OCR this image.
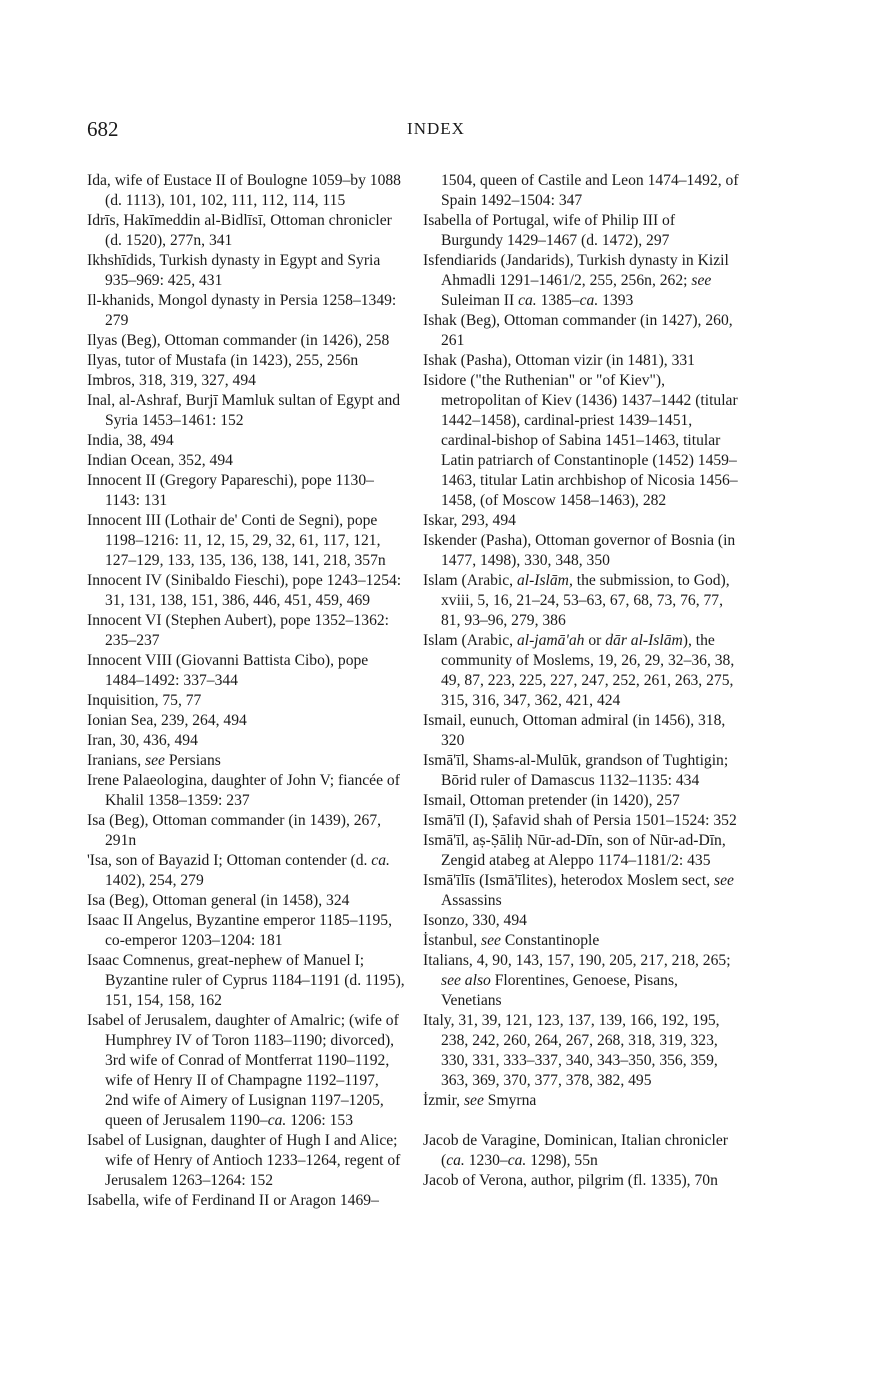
682	INDEX
Ida, wife of Eustace II of Boulogne 1059–by 1088 (d. 1113), 101, 102, 111, 112, 114, 115
Idrīs, Hakīmeddin al-Bidlīsī, Ottoman chronicler (d. 1520), 277n, 341
Ikhshīdids, Turkish dynasty in Egypt and Syria 935–969: 425, 431
Il-khanids, Mongol dynasty in Persia 1258–1349: 279
Ilyas (Beg), Ottoman commander (in 1426), 258
Ilyas, tutor of Mustafa (in 1423), 255, 256n
Imbros, 318, 319, 327, 494
Inal, al-Ashraf, Burjī Mamluk sultan of Egypt and Syria 1453–1461: 152
India, 38, 494
Indian Ocean, 352, 494
Innocent II (Gregory Papareschi), pope 1130–1143: 131
Innocent III (Lothair de' Conti de Segni), pope 1198–1216: 11, 12, 15, 29, 32, 61, 117, 121, 127–129, 133, 135, 136, 138, 141, 218, 357n
Innocent IV (Sinibaldo Fieschi), pope 1243–1254: 31, 131, 138, 151, 386, 446, 451, 459, 469
Innocent VI (Stephen Aubert), pope 1352–1362: 235–237
Innocent VIII (Giovanni Battista Cibo), pope 1484–1492: 337–344
Inquisition, 75, 77
Ionian Sea, 239, 264, 494
Iran, 30, 436, 494
Iranians, see Persians
Irene Palaeologina, daughter of John V; fiancée of Khalil 1358–1359: 237
Isa (Beg), Ottoman commander (in 1439), 267, 291n
'Isa, son of Bayazid I; Ottoman contender (d. ca. 1402), 254, 279
Isa (Beg), Ottoman general (in 1458), 324
Isaac II Angelus, Byzantine emperor 1185–1195, co-emperor 1203–1204: 181
Isaac Comnenus, great-nephew of Manuel I; Byzantine ruler of Cyprus 1184–1191 (d. 1195), 151, 154, 158, 162
Isabel of Jerusalem, daughter of Amalric; (wife of Humphrey IV of Toron 1183–1190; divorced), 3rd wife of Conrad of Montferrat 1190–1192, wife of Henry II of Champagne 1192–1197, 2nd wife of Aimery of Lusignan 1197–1205, queen of Jerusalem 1190–ca. 1206: 153
Isabel of Lusignan, daughter of Hugh I and Alice; wife of Henry of Antioch 1233–1264, regent of Jerusalem 1263–1264: 152
Isabella, wife of Ferdinand II or Aragon 1469–
1504, queen of Castile and Leon 1474–1492, of Spain 1492–1504: 347
Isabella of Portugal, wife of Philip III of Burgundy 1429–1467 (d. 1472), 297
Isfendiarids (Jandarids), Turkish dynasty in Kizil Ahmadli 1291–1461/2, 255, 256n, 262; see Suleiman II ca. 1385–ca. 1393
Ishak (Beg), Ottoman commander (in 1427), 260, 261
Ishak (Pasha), Ottoman vizir (in 1481), 331
Isidore ("the Ruthenian" or "of Kiev"), metropolitan of Kiev (1436) 1437–1442 (titular 1442–1458), cardinal-priest 1439–1451, cardinal-bishop of Sabina 1451–1463, titular Latin patriarch of Constantinople (1452) 1459–1463, titular Latin archbishop of Nicosia 1456–1458, (of Moscow 1458–1463), 282
Iskar, 293, 494
Iskender (Pasha), Ottoman governor of Bosnia (in 1477, 1498), 330, 348, 350
Islam (Arabic, al-Islām, the submission, to God), xviii, 5, 16, 21–24, 53–63, 67, 68, 73, 76, 77, 81, 93–96, 279, 386
Islam (Arabic, al-jamā'ah or dār al-Islām), the community of Moslems, 19, 26, 29, 32–36, 38, 49, 87, 223, 225, 227, 247, 252, 261, 263, 275, 315, 316, 347, 362, 421, 424
Ismail, eunuch, Ottoman admiral (in 1456), 318, 320
Ismā'īl, Shams-al-Mulūk, grandson of Tughtigin; Bōrid ruler of Damascus 1132–1135: 434
Ismail, Ottoman pretender (in 1420), 257
Ismā'īl (I), Ṣafavid shah of Persia 1501–1524: 352
Ismā'īl, aṣ-Ṣāliḥ Nūr-ad-Dīn, son of Nūr-ad-Dīn, Zengid atabeg at Aleppo 1174–1181/2: 435
Ismā'īlīs (Ismā'īlites), heterodox Moslem sect, see Assassins
Isonzo, 330, 494
İstanbul, see Constantinople
Italians, 4, 90, 143, 157, 190, 205, 217, 218, 265; see also Florentines, Genoese, Pisans, Venetians
Italy, 31, 39, 121, 123, 137, 139, 166, 192, 195, 238, 242, 260, 264, 267, 268, 318, 319, 323, 330, 331, 333–337, 340, 343–350, 356, 359, 363, 369, 370, 377, 378, 382, 495
İzmir, see Smyrna
Jacob de Varagine, Dominican, Italian chronicler (ca. 1230–ca. 1298), 55n
Jacob of Verona, author, pilgrim (fl. 1335), 70n
